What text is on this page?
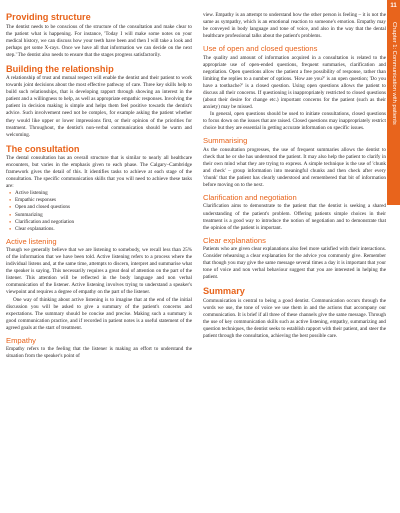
11
Chapter 1: Communication with patients
Providing structure

The dentist needs to be conscious of the structure of the consultation and make clear to the patient what is happening. For instance, 'Today I will make some notes on your medical history, we can discuss how your teeth have been and then I will take a look and perhaps get some X-rays. Once we have all that information we can decide on the next step.' The dentist also needs to ensure that the stages progress satisfactorily.

Building the relationship

A relationship of trust and mutual respect will enable the dentist and their patient to work towards joint decisions about the most effective pathway of care. Three key skills help to build such relationships, that is developing rapport through showing an interest in the patient and a willingness to help, as well as appropriate empathic responses. Involving the patient in decision making is simple and helps them feel positive towards the dentist's advice. Such involvement need not be complex, for example asking the patient whether they would like upper or lower impressions first, or their opinion of the priorities for treatment. Throughout, the dentist's non-verbal communication should be warm and welcoming.

The consultation

The dental consultation has an overall structure that is similar to nearly all healthcare encounters, but varies in the emphasis given to each phase. The Calgary–Cambridge framework gives the detail of this. It identifies tasks to achieve at each stage of the consultation. The specific communication skills that you will need to achieve these tasks are:

● Active listening
● Empathic responses
● Open and closed questions
● Summarizing
● Clarification and negotiation
● Clear explanations.
Active listening

Though we generally believe that we are listening to somebody, we recall less than 25% of the information that we have been told. Active listening refers to a process where the individual listens and, at the same time, attempts to discern, interpret and summarise what the speaker is saying. This necessarily requires a great deal of attention on the part of the listener. This attention will be reflected in the body language and non verbal communication of the listener. Active listening involves trying to understand a speaker's viewpoint and requires a degree of empathy on the part of the listener.

One way of thinking about active listening is to imagine that at the end of the initial discussion you will be asked to give a summary of the patient's concerns and expectations. The summary should be concise and precise. Making such a summary is good communication practice, and if recorded in patient notes is a useful statement of the agreed goals at the start of treatment.

Empathy

Empathy refers to the feeling that the listener is making an effort to understand the situation from the speaker's point of

view. Empathy is an attempt to understand how the other person is feeling – it is not the same as sympathy, which is an emotional reaction to someone's emotion. Empathy may be conveyed in body language and tone of voice, and also in the way that the dental healthcare professional talks about the patient's problems.

Use of open and closed questions

The quality and amount of information acquired in a consultation is related to the appropriate use of open-ended questions, frequent summaries, clarification and negotiation. Open questions allow the patient a free possibility of response, rather than limiting the replies to a number of options. 'How are you?' is an open question; 'Do you have a toothache?' is a closed question. Using open questions allows the patient to discuss all their concerns. If questioning is inappropriately restricted to closed questions (about their desire for change etc.) important concerns for the patient (such as their anxiety) may be missed.

In general, open questions should be used to initiate consultations, closed questions to focus down on the issues that are raised. Closed questions may inappropriately restrict choice but they are essential in getting accurate information on specific issues.

Summarising

As the consultation progresses, the use of frequent summaries allows the dentist to check that he or she has understood the patient. It may also help the patient to clarify in their own mind what they are trying to express. A simple technique is the use of 'chunk and check' – group information into meaningful chunks and then check after every 'chunk' that the patient has clearly understood and remembered that bit of information before moving on to the next.

Clarification and negotiation

Clarification aims to demonstrate to the patient that the dentist is seeking a shared understanding of the patient's problem. Offering patients simple choices in their treatment is a good way to introduce the notion of negotiation and to demonstrate that the opinion of the patient is important.

Clear explanations

Patients who are given clear explanations also feel more satisfied with their interactions. Consider rehearsing a clear explanation for the advice you commonly give. Remember that though you may give the same message several times a day it is important that your tone of voice and non verbal behaviour suggest that you are interested in helping the patient.

Summary

Communication is central to being a good dentist. Communication occurs through the words we use, the tone of voice we use them in and the actions that accompany our communication. It is brief if all three of these channels give the same message. Through the use of key communication skills such as active listening, empathy, summarizing and question techniques, the dentist seeks to establish rapport with their patient, and steer the patient through the consultation, achieving the best possible care.
